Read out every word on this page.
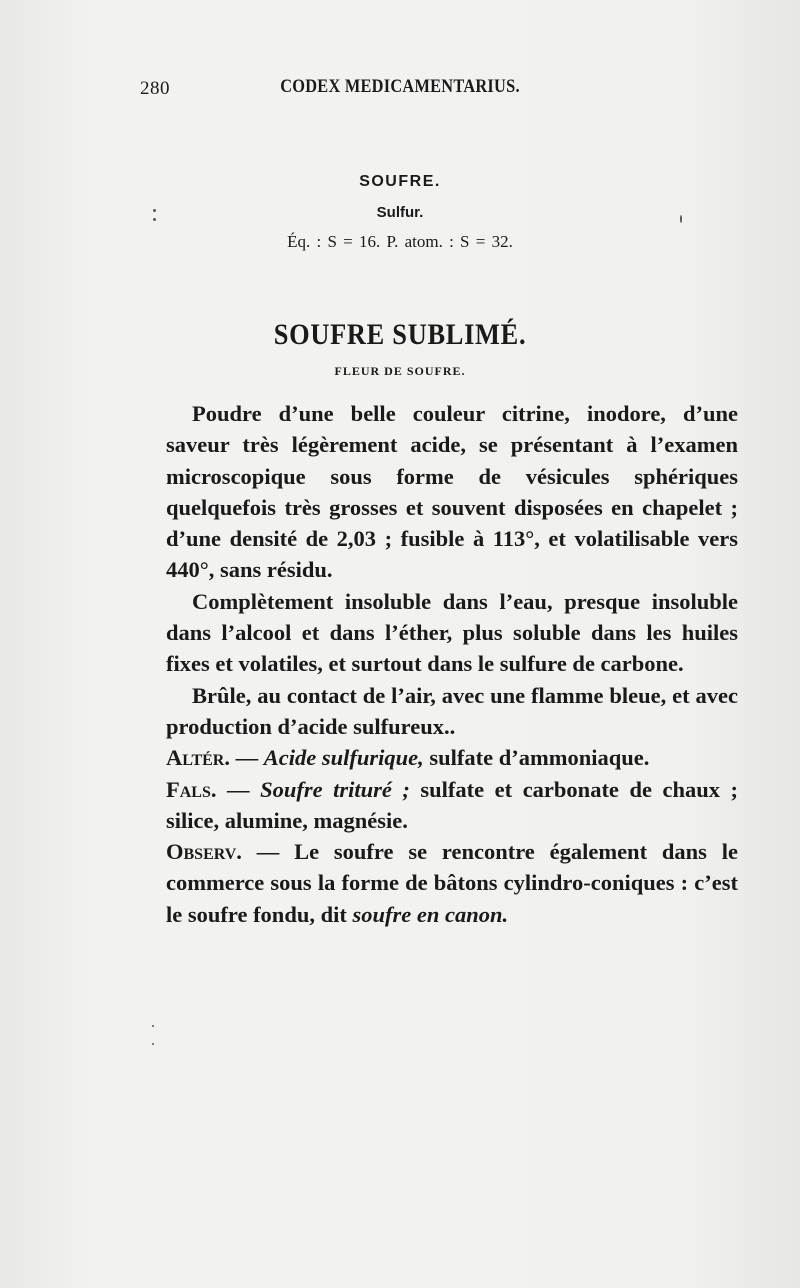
280	CODEX MEDICAMENTARIUS.
SOUFRE.
Sulfur.
Éq. : S = 16. P. atom. : S = 32.
SOUFRE SUBLIMÉ.
FLEUR DE SOUFRE.

Poudre d’une belle couleur citrine, inodore, d’une saveur très légèrement acide, se présentant à l’examen microscopique sous forme de vésicules sphériques quelquefois très grosses et souvent disposées en chapelet ; d’une densité de 2,03 ; fusible à 113°, et volatilisable vers 440°, sans résidu.

Complètement insoluble dans l’eau, presque insoluble dans l’alcool et dans l’éther, plus soluble dans les huiles fixes et volatiles, et surtout dans le sulfure de carbone.

Brûle, au contact de l’air, avec une flamme bleue, et avec production d’acide sulfureux..

Altér. — Acide sulfurique, sulfate d’ammoniaque.

Fals. — Soufre trituré ; sulfate et carbonate de chaux ; silice, alumine, magnésie.

Observ. — Le soufre se rencontre également dans le commerce sous la forme de bâtons cylindro-coniques : c’est le soufre fondu, dit soufre en canon.
